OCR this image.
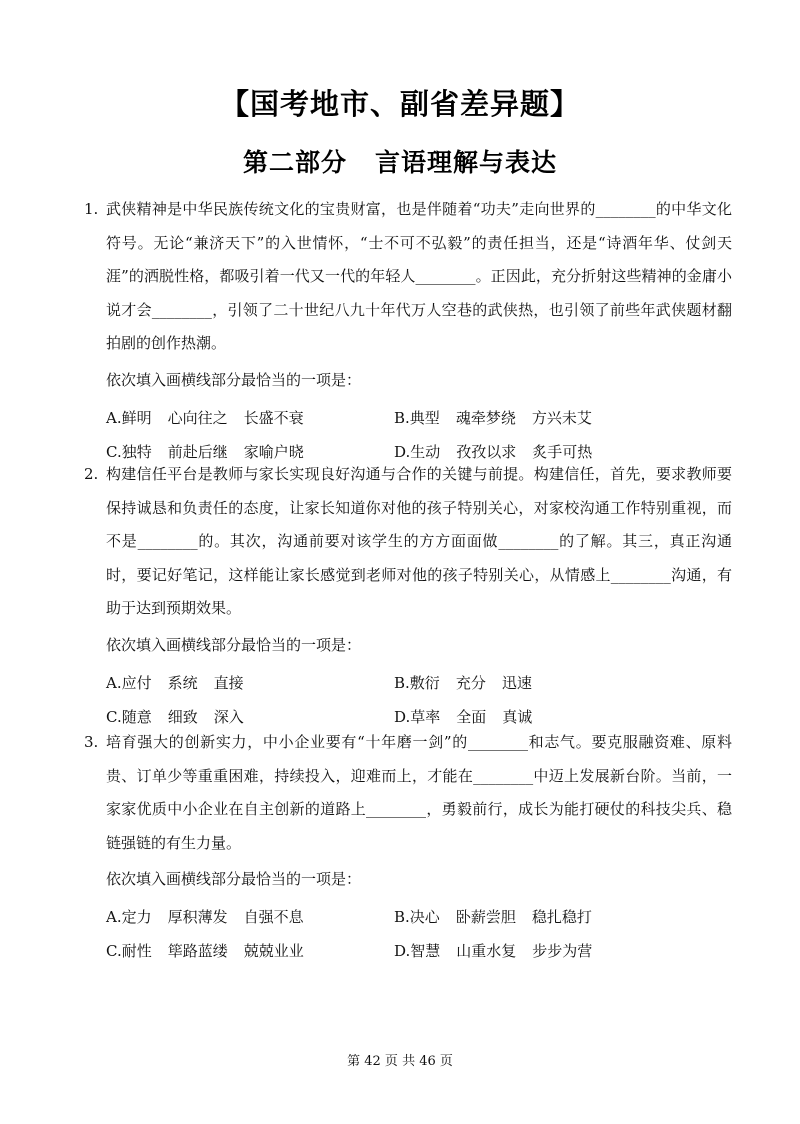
【国考地市、副省差异题】
第二部分 言语理解与表达
1. 武侠精神是中华民族传统文化的宝贵财富，也是伴随着“功夫”走向世界的________的中华文化符号。无论“兼济天下”的入世情怀，“士不可不弘毅”的责任担当，还是“诗酒年华、仗剑天涯”的洒脱性格，都吸引着一代又一代的年轻人________。正因此，充分折射这些精神的金庸小说才会________，引领了二十世纪八九十年代万人空巷的武侠热，也引领了前些年武侠题材翻拍剧的创作热潮。
依次填入画横线部分最恰当的一项是：
A.鲜明 心向往之 长盛不衰	B.典型 魂牵梦绕 方兴未艾
C.独特 前赴后继 家喻户晓	D.生动 孜孜以求 炙手可热
2. 构建信任平台是教师与家长实现良好沟通与合作的关键与前提。构建信任，首先，要求教师要保持诚恳和负责任的态度，让家长知道你对他的孩子特别关心，对家校沟通工作特别重视，而不是________的。其次，沟通前要对该学生的方方面面做________的了解。其三，真正沟通时，要记好笔记，这样能让家长感觉到老师对他的孩子特别关心，从情感上________沟通，有助于达到预期效果。
依次填入画横线部分最恰当的一项是：
A.应付 系统 直接	B.敷衍 充分 迅速
C.随意 细致 深入	D.草率 全面 真诚
3. 培育强大的创新实力，中小企业要有“十年磨一剑”的________和志气。要克服融资难、原料贵、订单少等重重困难，持续投入，迎难而上，才能在________中迈上发展新台阶。当前，一家家优质中小企业在自主创新的道路上________，勇毅前行，成长为能打硬仗的科技尖兵、稳链强链的有生力量。
依次填入画横线部分最恰当的一项是：
A.定力 厚积薄发 自强不息	B.决心 卧薪尝胆 稳扎稳打
C.耐性 筚路蓝缕 兢兢业业	D.智慧 山重水复 步步为营
第 42 页 共 46 页
